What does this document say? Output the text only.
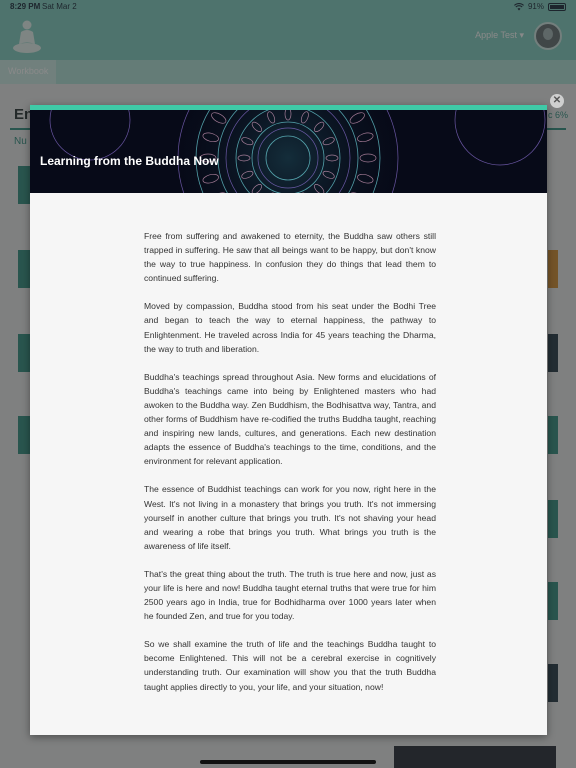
Learning from the Buddha Now

Free from suffering and awakened to eternity, the Buddha saw others still trapped in suffering. He saw that all beings want to be happy, but don't know the way to true happiness. In confusion they do things that lead them to continued suffering.

Moved by compassion, Buddha stood from his seat under the Bodhi Tree and began to teach the way to eternal happiness, the pathway to Enlightenment. He traveled across India for 45 years teaching the Dharma, the way to truth and liberation.

Buddha's teachings spread throughout Asia. New forms and elucidations of Buddha's teachings came into being by Enlightened masters who had awoken to the Buddha way. Zen Buddhism, the Bodhisattva way, Tantra, and other forms of Buddhism have re-codified the truths Buddha taught, reaching and inspiring new lands, cultures, and generations. Each new destination adapts the essence of Buddha's teachings to the time, conditions, and the environment for relevant application.

The essence of Buddhist teachings can work for you now, right here in the West. It's not living in a monastery that brings you truth. It's not immersing yourself in another culture that brings you truth. It's not shaving your head and wearing a robe that brings you truth. What brings you truth is the awareness of life itself.

That's the great thing about the truth. The truth is true here and now, just as your life is here and now! Buddha taught eternal truths that were true for him 2500 years ago in India, true for Bodhidharma over 1000 years later when he founded Zen, and true for you today.

So we shall examine the truth of life and the teachings Buddha taught to become Enlightened. This will not be a cerebral exercise in cognitively understanding truth. Our examination will show you that the truth Buddha taught applies directly to you, your life, and your situation, now!

✕
